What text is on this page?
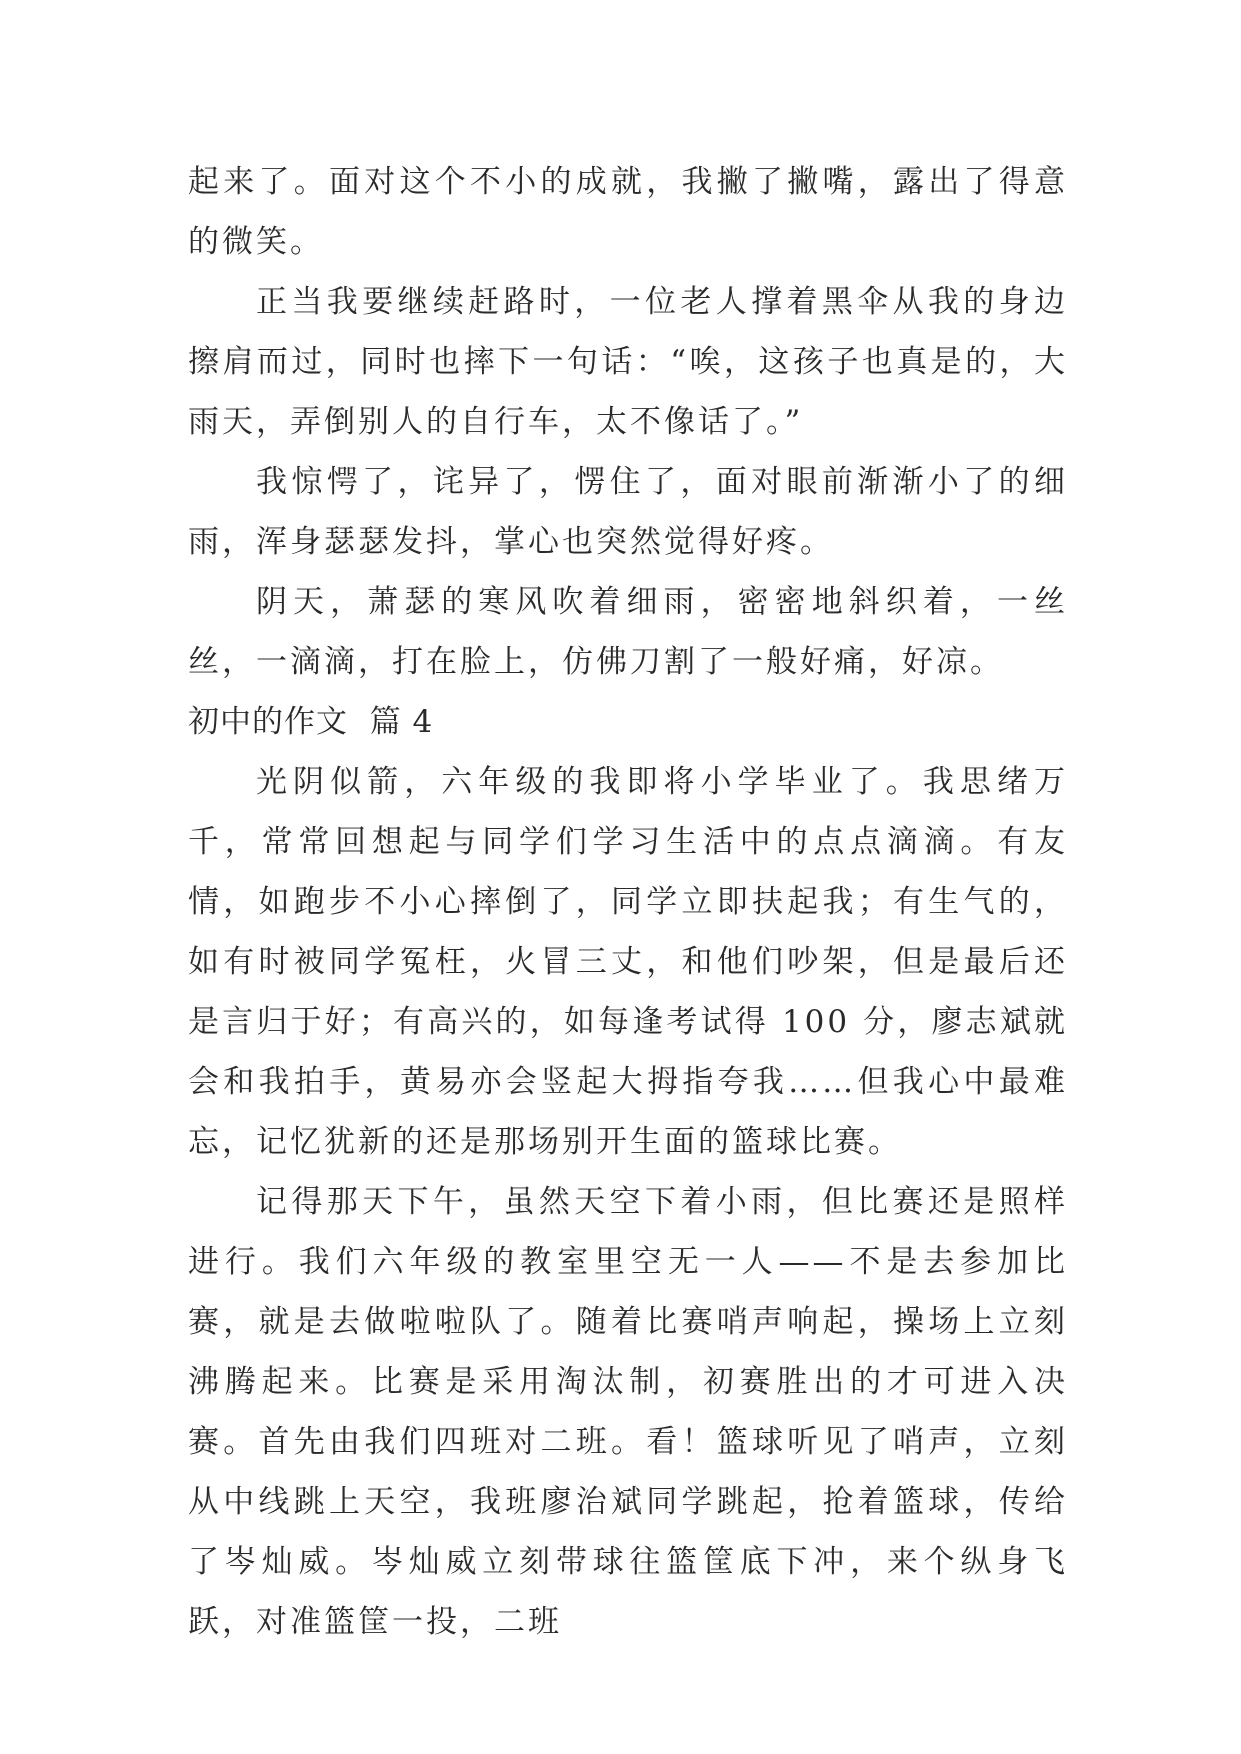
起来了。面对这个不小的成就，我撇了撇嘴，露出了得意的微笑。

正当我要继续赶路时，一位老人撑着黑伞从我的身边擦肩而过，同时也摔下一句话：“唉，这孩子也真是的，大雨天，弄倒别人的自行车，太不像话了。”

我惊愕了，诧异了，愣住了，面对眼前渐渐小了的细雨，浑身瑟瑟发抖，掌心也突然觉得好疼。

阴天，萧瑟的寒风吹着细雨，密密地斜织着，一丝丝，一滴滴，打在脸上，仿佛刀割了一般好痛，好凉。

初中的作文  篇 4

光阴似箭，六年级的我即将小学毕业了。我思绪万千，常常回想起与同学们学习生活中的点点滴滴。有友情，如跑步不小心摔倒了，同学立即扶起我；有生气的，如有时被同学冤枉，火冒三丈，和他们吵架，但是最后还是言归于好；有高兴的，如每逢考试得 100 分，廖志斌就会和我拍手，黄易亦会竖起大拇指夸我……但我心中最难忘，记忆犹新的还是那场别开生面的篮球比赛。

记得那天下午，虽然天空下着小雨，但比赛还是照样进行。我们六年级的教室里空无一人——不是去参加比赛，就是去做啦啦队了。随着比赛哨声响起，操场上立刻沸腾起来。比赛是采用淘汰制，初赛胜出的才可进入决赛。首先由我们四班对二班。看！篮球听见了哨声，立刻从中线跳上天空，我班廖治斌同学跳起，抢着篮球，传给了岑灿威。岑灿威立刻带球往篮筐底下冲，来个纵身飞跃，对准篮筐一投，二班
